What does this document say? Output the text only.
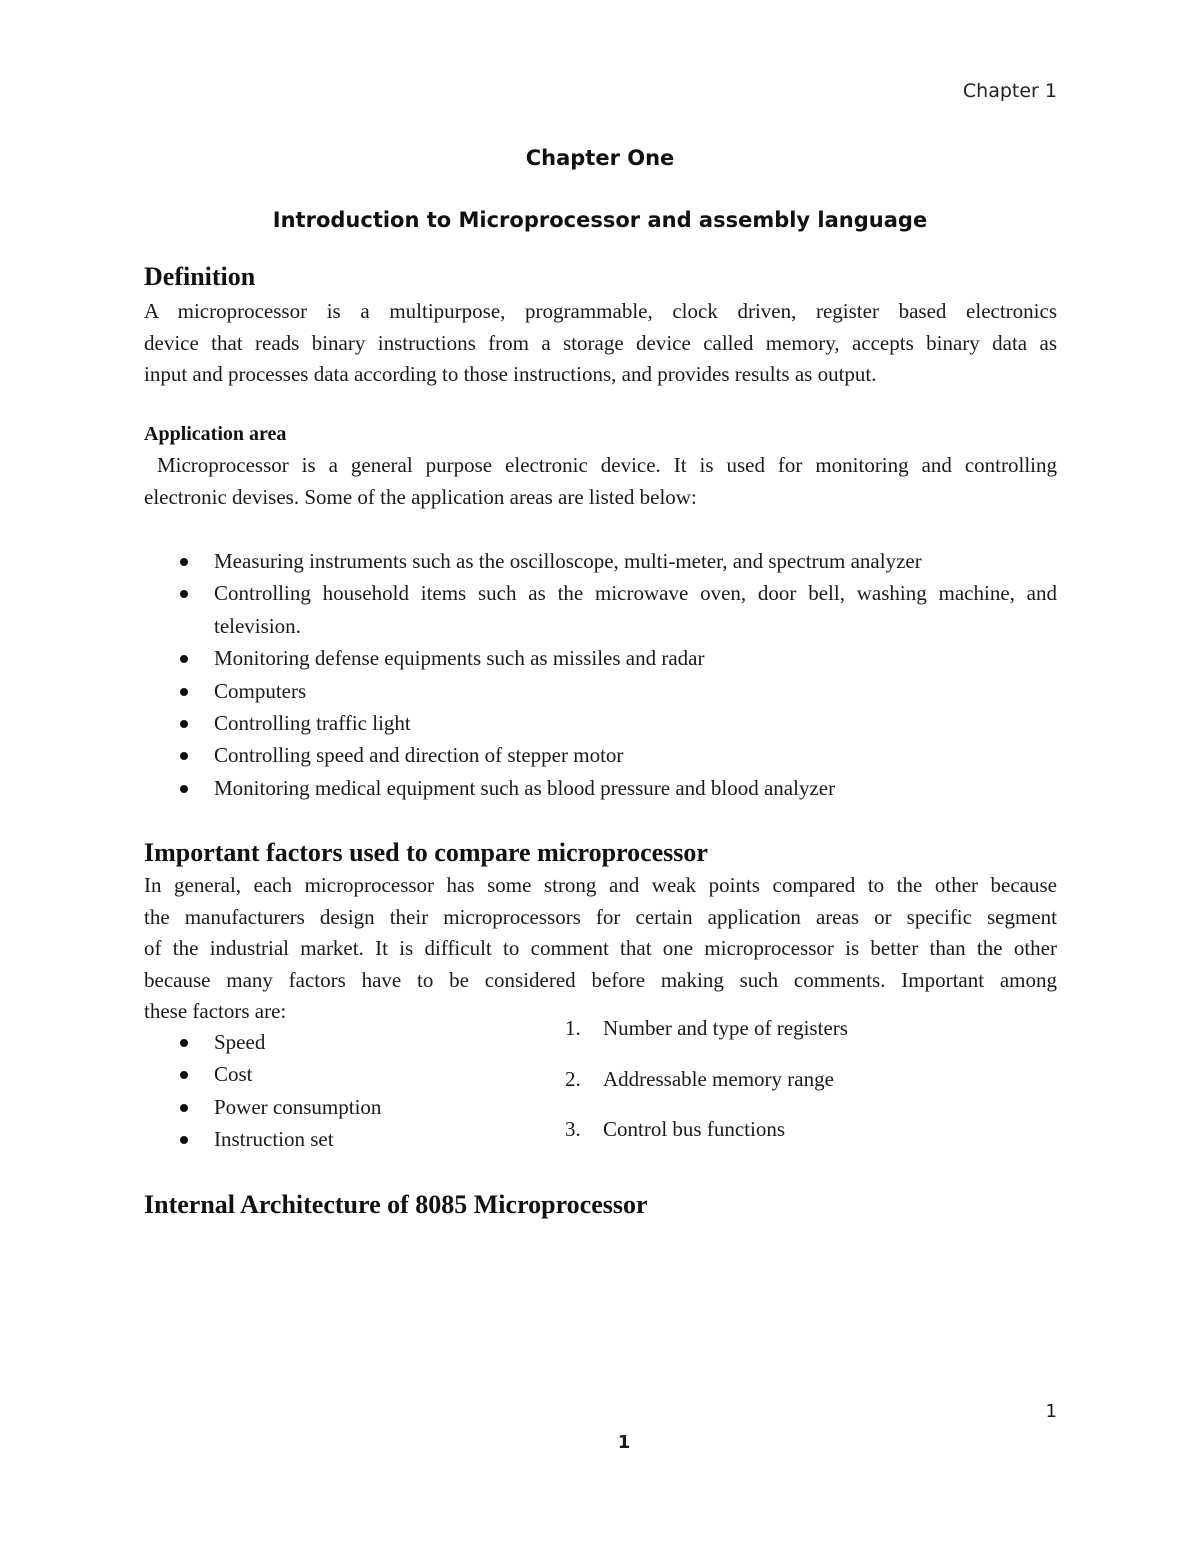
Chapter 1
Chapter One
Introduction to Microprocessor and assembly language
Definition
A microprocessor is a multipurpose, programmable, clock driven, register based electronics
device that reads binary instructions from a storage device called memory, accepts binary data as
input and processes data according to those instructions, and provides results as output.
Application area
Microprocessor is a general purpose electronic device. It is used for monitoring and controlling
electronic devises. Some of the application areas are listed below:
Measuring instruments such as the oscilloscope, multi-meter, and spectrum analyzer
Controlling household items such as the microwave oven, door bell, washing machine, and television.
Monitoring defense equipments such as missiles and radar
Computers
Controlling traffic light
Controlling speed and direction of stepper motor
Monitoring medical equipment such as blood pressure and blood analyzer
Important factors used to compare microprocessor
In general, each microprocessor has some strong and weak points compared to the other because
the manufacturers design their microprocessors for certain application areas or specific segment
of the industrial market. It is difficult to comment that one microprocessor is better than the other
because many factors have to be considered before making such comments. Important among
these factors are:
Speed
Cost
Power consumption
Instruction set
1. Number and type of registers
2. Addressable memory range
3. Control bus functions
Internal Architecture of 8085 Microprocessor
1
1
